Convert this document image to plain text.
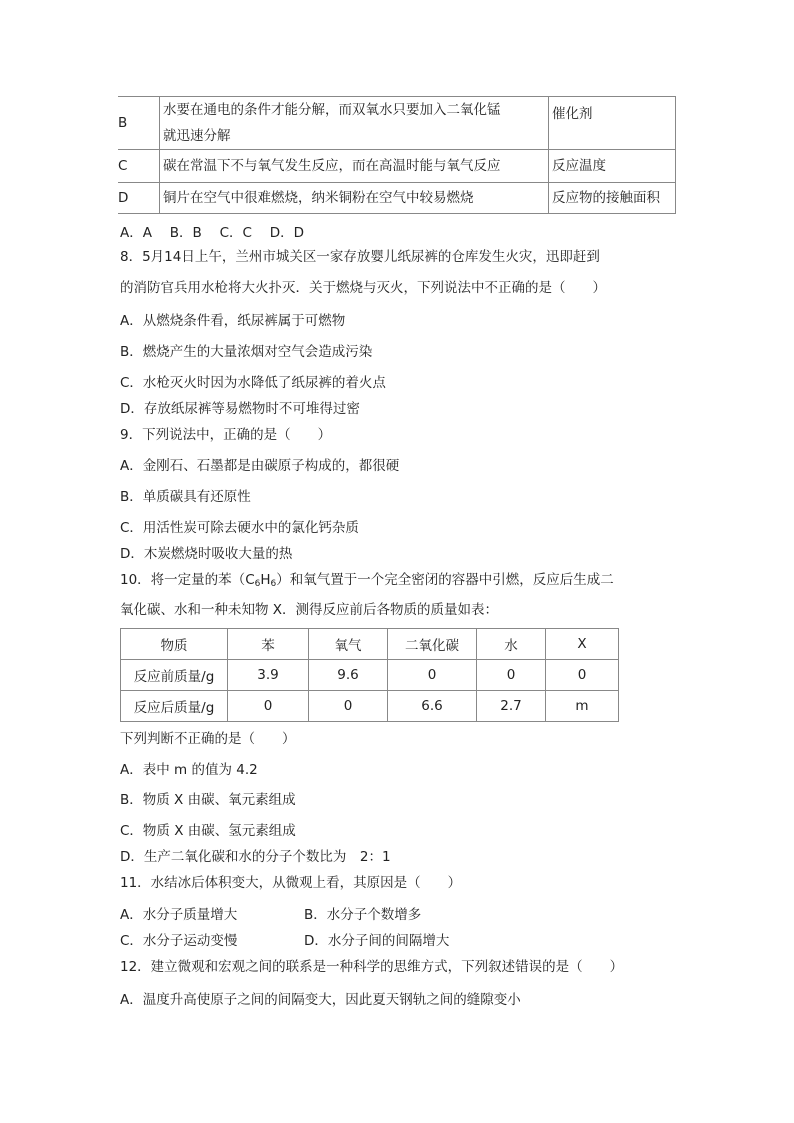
B	水要在通电的条件才能分解，而双氧水只要加入二氧化锰
就迅速分解	催化剂
C	碳在常温下不与氧气发生反应，而在高温时能与氧气反应	反应温度
D	铜片在空气中很难燃烧，纳米铜粉在空气中较易燃烧	反应物的接触面积
A．A　 B．B　 C．C　 D．D
8．5月14日上午，兰州市城关区一家存放婴儿纸尿裤的仓库发生火灾，迅即赶到
的消防官兵用水枪将大火扑灭．关于燃烧与灭火，下列说法中不正确的是（　　）
A．从燃烧条件看，纸尿裤属于可燃物
B．燃烧产生的大量浓烟对空气会造成污染
C．水枪灭火时因为水降低了纸尿裤的着火点
D．存放纸尿裤等易燃物时不可堆得过密
9．下列说法中，正确的是（　　）
A．金刚石、石墨都是由碳原子构成的，都很硬
B．单质碳具有还原性
C．用活性炭可除去硬水中的氯化钙杂质
D．木炭燃烧时吸收大量的热
10．将一定量的苯$(C_6H_6)$和氧气置于一个完全密闭的容器中引燃，反应后生成二
氧化碳、水和一种未知物 X．测得反应前后各物质的质量如表：
物质	苯	氧气	二氧化碳	水	X
反应前质量/g	3.9	9.6	0	0	0
反应后质量/g	0	0	6.6	2.7	m
下列判断不正确的是（　　）
A．表中 m 的值为 4.2
B．物质 X 由碳、氧元素组成
C．物质 X 由碳、氢元素组成
D．生产二氧化碳和水的分子个数比为　2：1
11．水结冰后体积变大，从微观上看，其原因是（　　）
A．水分子质量增大	B．水分子个数增多
C．水分子运动变慢	D．水分子间的间隔增大
12．建立微观和宏观之间的联系是一种科学的思维方式，下列叙述错误的是（　　）
A．温度升高使原子之间的间隔变大，因此夏天钢轨之间的缝隙变小
